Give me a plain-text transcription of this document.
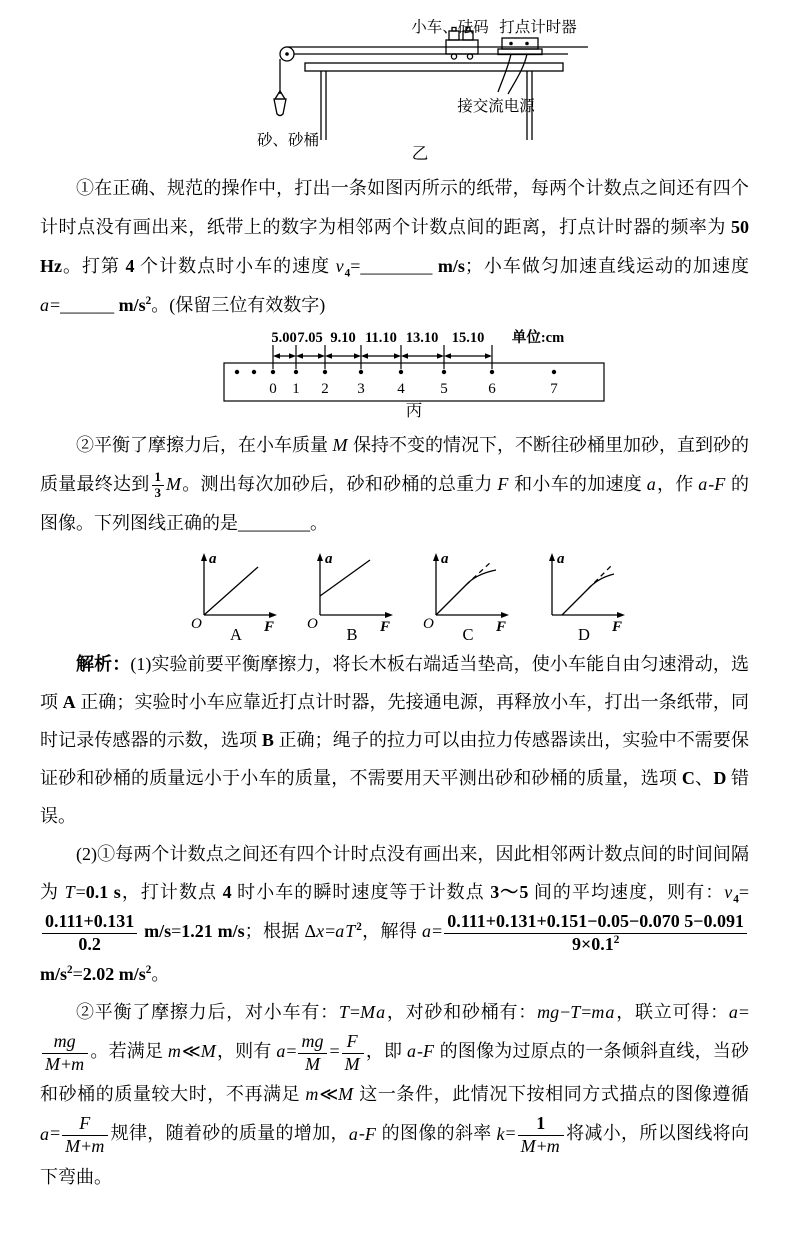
小车、砝码 打点计时器
接交流电源
砂、砂桶
乙

①在正确、规范的操作中，打出一条如图丙所示的纸带，每两个计数点之间还有四个计时点没有画出来，纸带上的数字为相邻两个计数点间的距离，打点计时器的频率为 50 Hz。打第 4 个计数点时小车的速度 $v_4=\_\_\_\_\_\_\_\_$ m/s；小车做匀加速直线运动的加速度 a=______ $m/s^2$。(保留三位有效数字)

5.00 7.05 9.10 11.10 13.10 15.10 单位:cm
0 1 2 3 4 5	6	7
丙

②平衡了摩擦力后，在小车质量 M 保持不变的情况下，不断往砂桶里加砂，直到砂的质量最终达到 $\frac{1}{3}$ M。测出每次加砂后，砂和砂桶的总重力 F 和小车的加速度 a，作 a-F 的图像。下列图线正确的是________。

a
F
O
A
a
F
O
B
a
F
O
C
a
F
D

解析：(1)实验前要平衡摩擦力，将长木板右端适当垫高，使小车能自由匀速滑动，选项 A 正确；实验时小车应靠近打点计时器，先接通电源，再释放小车，打出一条纸带，同时记录传感器的示数，选项 B 正确；绳子的拉力可以由拉力传感器读出，实验中不需要保证砂和砂桶的质量远小于小车的质量，不需要用天平测出砂和砂桶的质量，选项 C、D 错误。

(2)①每两个计数点之间还有四个计时点没有画出来，因此相邻两计数点间的时间间隔为 T=0.1 s，打计数点 4 时小车的瞬时速度等于计数点 3～5 间的平均速度，则有：$v_4=$
$\frac{0.111+0.131}{0.2} m/s=1.21$ m/s；根据 $\Delta x=aT^2$，解得 $a= \frac{0.111+0.131+0.151-0.05-0.070 5-0.091}{9\times 0.1^2}$
$m/s^2=2.02$ $m/s^2$。

②平衡了摩擦力后，对小车有：T=Ma，对砂和砂桶有：mg−T=ma，联立可得：a=
$\frac{mg}{M+m}$ 。若满足 m≪M，则有 $a= \frac{mg}{M} = \frac{F}{M}$ ，即 a-F 的图像为过原点的一条倾斜直线，当砂和砂桶的质量较大时，不再满足 m≪M 这一条件，此情况下按相同方式描点的图像遵循 $a= \frac{F}{M+m}$ 规律，随着砂的质量的增加，a-F 的图像的斜率 $k= \frac{1}{M+m}$ 将减小，所以图线将向下弯曲。
